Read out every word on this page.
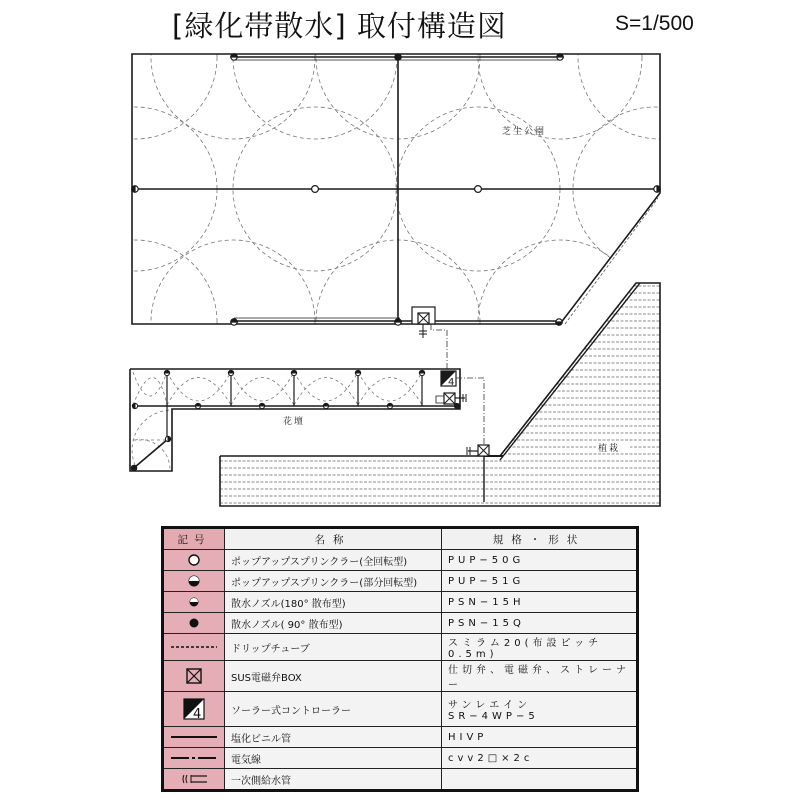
[緑化帯散水] 取付構造図	S=1/500
芝生公園
花壇
4
植栽
記号	名称	規格・形状

	ポップアップスプリンクラー(全回転型)	PUP−50G

	ポップアップスプリンクラー(部分回転型)	PUP−51G

	散水ノズル(180° 散布型)	PSN−15H

	散水ノズル( 90° 散布型)	PSN−15Q

	ドリップチューブ	スミラム20(布設ピッチ0.5m)

	SUS電磁弁BOX	仕切弁、電磁弁、ストレーナー

4	ソーラー式コントローラー	サンレエイン　SR−4WP−5

	塩化ビニル管	HIVP

	電気線	cvv2□×2c

	一次側給水管	
